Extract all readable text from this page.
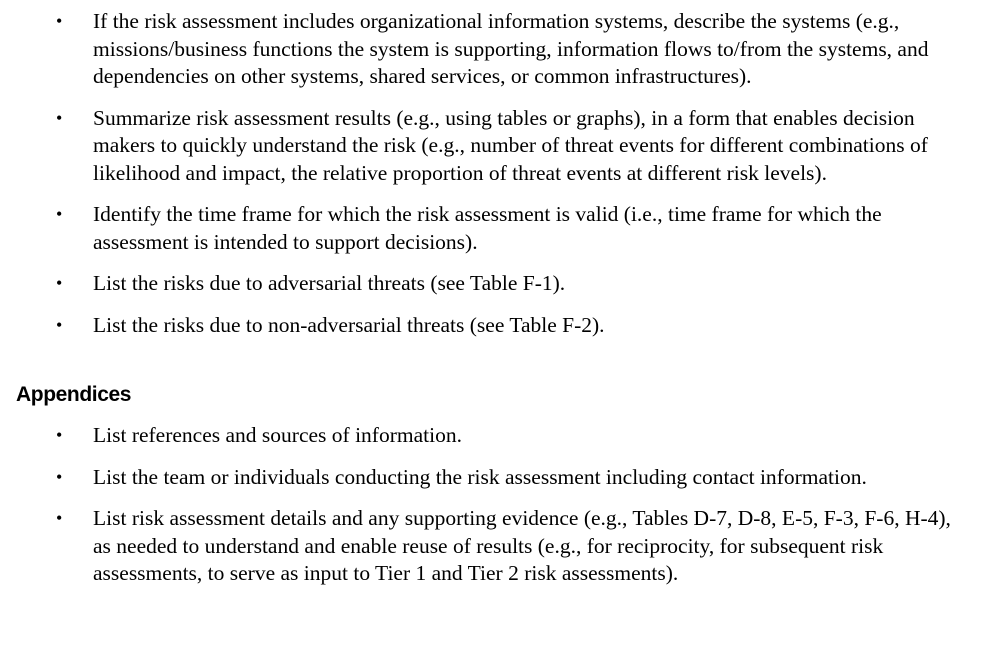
• If the risk assessment includes organizational information systems, describe the systems (e.g., missions/business functions the system is supporting, information flows to/from the systems, and dependencies on other systems, shared services, or common infrastructures).
• Summarize risk assessment results (e.g., using tables or graphs), in a form that enables decision makers to quickly understand the risk (e.g., number of threat events for different combinations of likelihood and impact, the relative proportion of threat events at different risk levels).
• Identify the time frame for which the risk assessment is valid (i.e., time frame for which the assessment is intended to support decisions).
• List the risks due to adversarial threats (see Table F-1).
• List the risks due to non-adversarial threats (see Table F-2).
Appendices
• List references and sources of information.
• List the team or individuals conducting the risk assessment including contact information.
• List risk assessment details and any supporting evidence (e.g., Tables D-7, D-8, E-5, F-3, F-6, H-4), as needed to understand and enable reuse of results (e.g., for reciprocity, for subsequent risk assessments, to serve as input to Tier 1 and Tier 2 risk assessments).
